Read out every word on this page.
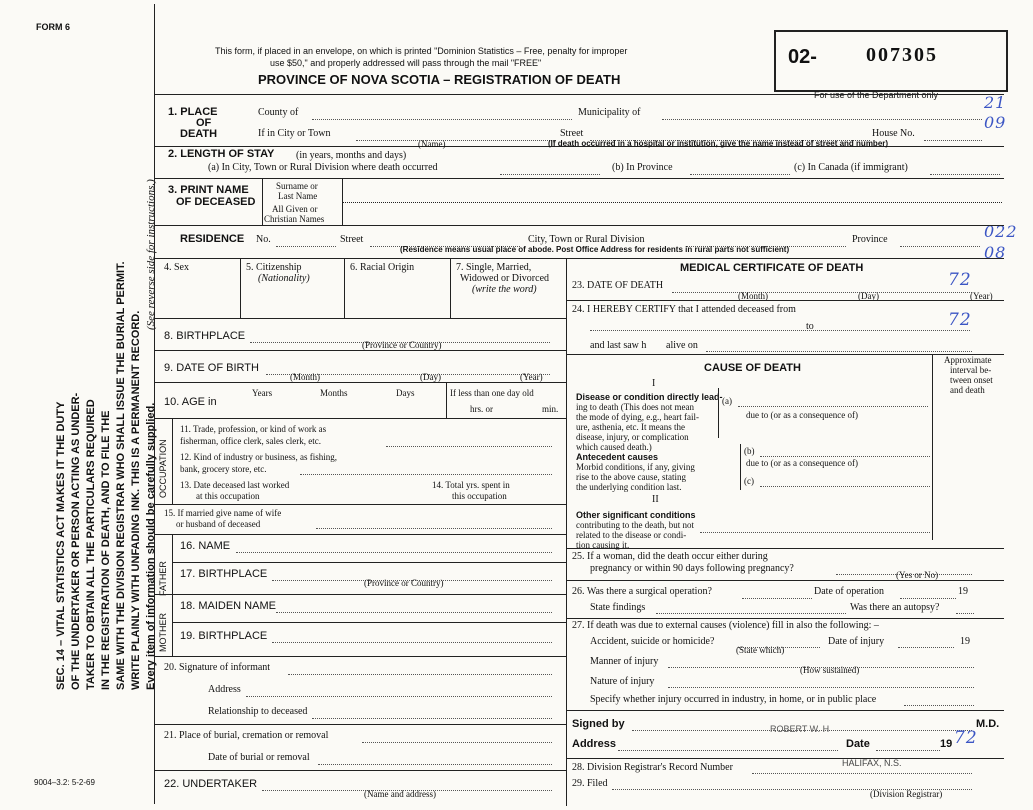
FORM 6
This form, if placed in an envelope, on which is printed "Dominion Statistics – Free, penalty for improper
use $50," and properly addressed will pass through the mail "FREE"
PROVINCE OF NOVA SCOTIA – REGISTRATION OF DEATH
02- 007305
For use of the Department only	21
09
022
08
SEC. 14 – VITAL STATISTICS ACT MAKES IT THE DUTY OF THE UNDERTAKER OR PERSON ACTING AS UNDER- TAKER TO OBTAIN ALL THE PARTICULARS REQUIRED IN THE REGISTRATION OF DEATH, AND TO FILE THE SAME WITH THE DIVISION REGISTRAR WHO SHALL ISSUE THE BURIAL PERMIT. WRITE PLAINLY WITH UNFADING INK. THIS IS A PERMANENT RECORD. Every item of information should be carefully supplied.
(See reverse side for instructions.)
1. PLACE
OF
DEATH
County of	Municipality of
If in City or Town
(Name)
Street	House No.
(If death occurred in a hospital or institution, give the name instead of street and number)
2. LENGTH OF STAY (in years, months and days)
(a) In City, Town or Rural Division where death occurred	(b) In Province	(c) In Canada (if immigrant)
3. PRINT NAME
OF DECEASED
Surname or
Last Name
All Given or
Christian Names
RESIDENCE No.	Street	City, Town or Rural Division	Province
(Residence means usual place of abode. Post Office Address for residents in rural parts not sufficient)
4. Sex	5. Citizenship
(Nationality)
6. Racial Origin	7. Single, Married,
Widowed or Divorced
(write the word)
8. BIRTHPLACE
(Province or Country)
9. DATE OF BIRTH
(Month)	(Day)	(Year)
10. AGE in
Years	Months	Days	If less than one day old
hrs. or	min.
OCCUPATION
11. Trade, profession, or kind of work as
fisherman, office clerk, sales clerk, etc.
12. Kind of industry or business, as fishing,
bank, grocery store, etc.
13. Date deceased last worked
at this occupation
14. Total yrs. spent in
this occupation
15. If married give name of wife
or husband of deceased
FATHER
MOTHER
16. NAME
17. BIRTHPLACE
(Province or Country)
18. MAIDEN NAME
19. BIRTHPLACE
20. Signature of informant
Address
Relationship to deceased
21. Place of burial, cremation or removal
Date of burial or removal
22. UNDERTAKER
(Name and address)
9004–3.2: 5-2-69
MEDICAL CERTIFICATE OF DEATH
23. DATE OF DEATH	72
(Month)	(Day)	(Year)
24. I HEREBY CERTIFY that I attended deceased from
to	72
and last saw h alive on
CAUSE OF DEATH
Approximate
interval be-
tween onset
and death
I
Disease or condition directly lead-
ing to death (This does not mean
the mode of dying, e.g., heart fail-
ure, asthenia, etc. It means the
disease, injury, or complication
which caused death.)
(a)
due to (or as a consequence of)
Antecedent causes
Morbid conditions, if any, giving
rise to the above cause, stating
the underlying condition last.
(b)
due to (or as a consequence of)
(c)
II
Other significant conditions
contributing to the death, but not
related to the disease or condi-
tion causing it.
25. If a woman, did the death occur either during
pregnancy or within 90 days following pregnancy?
(Yes or No)
26. Was there a surgical operation?	Date of operation	19
State findings	Was there an autopsy?
27. If death was due to external causes (violence) fill in also the following: –
Accident, suicide or homicide?	Date of injury	19
(State which)
Manner of injury
(How sustained)
Nature of injury
Specify whether injury occurred in industry, in home, or in public place
Signed by	M.D.
ROBERT W. H
Address	Date	19 72
HALIFAX, N.S.
28. Division Registrar's Record Number
29. Filed
(Division Registrar)
